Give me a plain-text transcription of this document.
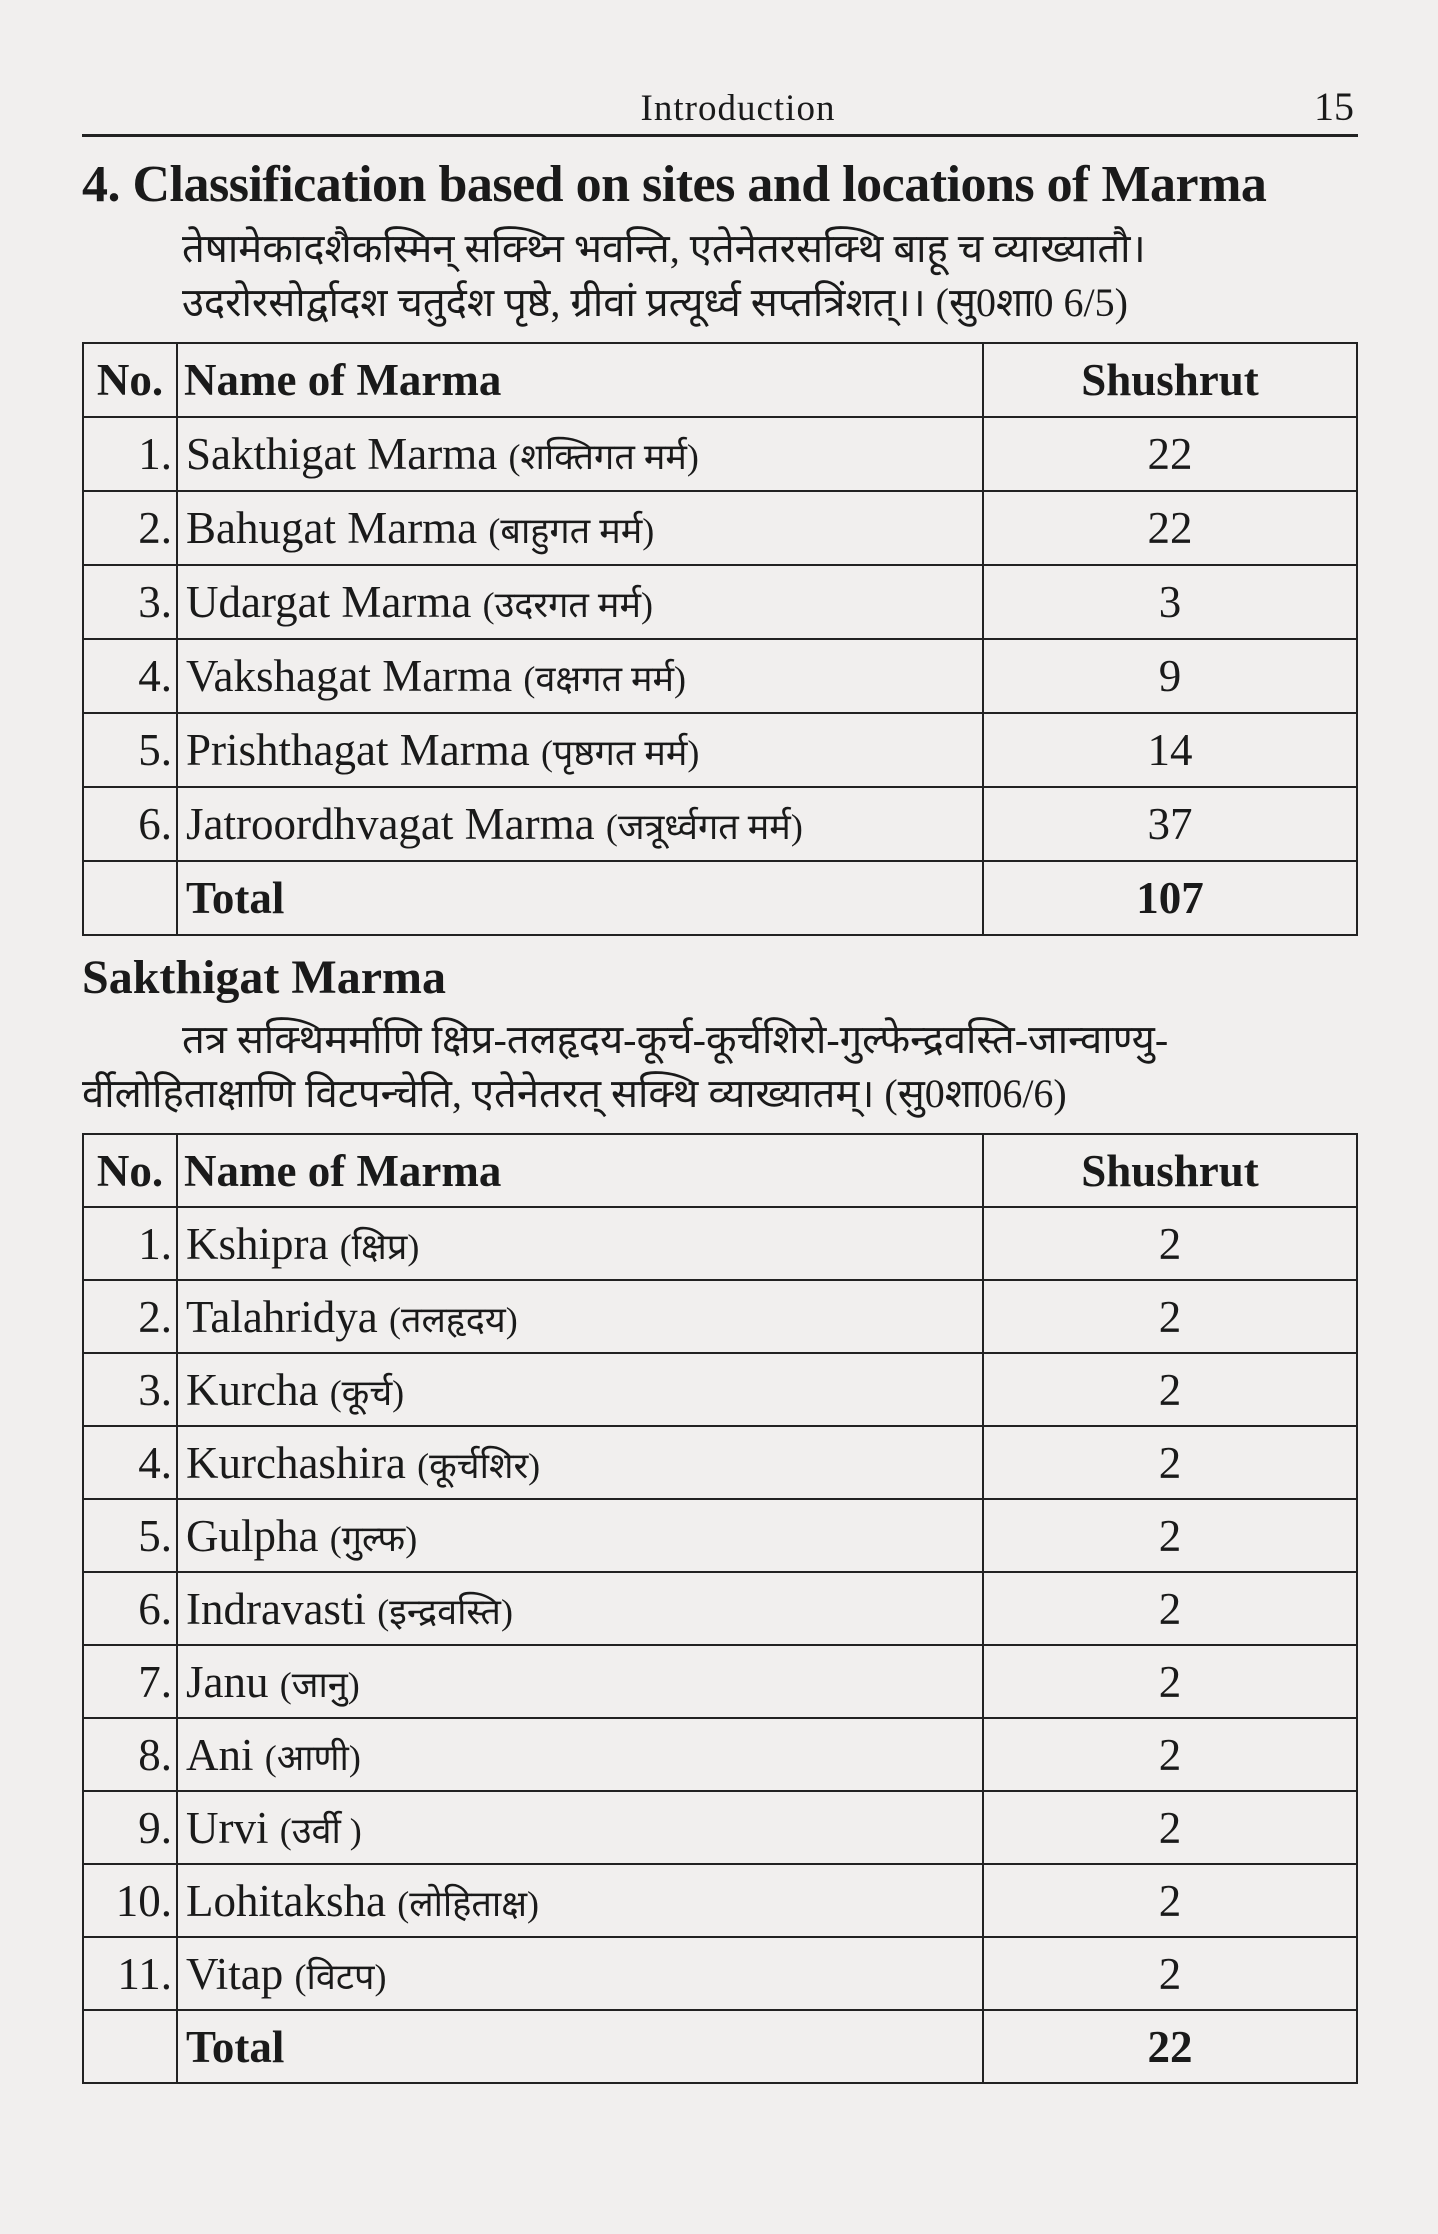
Introduction	15
4. Classification based on sites and locations of Marma
तेषामेकादशैकस्मिन् सक्थ्नि भवन्ति, एतेनेतरसक्थि बाहू च व्याख्यातौ।
उदरोरसोर्द्वादश चतुर्दश पृष्ठे, ग्रीवां प्रत्यूर्ध्व सप्तत्रिंशत्।। (सु0शा0 6/5)
No.	Name of Marma	Shushrut
1.	Sakthigat Marma (शक्तिगत मर्म)	22
2.	Bahugat Marma (बाहुगत मर्म)	22
3.	Udargat Marma (उदरगत मर्म)	3
4.	Vakshagat Marma (वक्षगत मर्म)	9
5.	Prishthagat Marma (पृष्ठगत मर्म)	14
6.	Jatroordhvagat Marma (जत्रूर्ध्वगत मर्म)	37
	Total	107
Sakthigat Marma
तत्र सक्थिमर्माणि क्षिप्र-तलहृदय-कूर्च-कूर्चशिरो-गुल्फेन्द्रवस्ति-जान्वाण्यु-
र्वीलोहिताक्षाणि विटपन्चेति, एतेनेतरत् सक्थि व्याख्यातम्। (सु0शा06/6)
No.	Name of Marma	Shushrut
1.	Kshipra (क्षिप्र)	2
2.	Talahridya (तलहृदय)	2
3.	Kurcha (कूर्च)	2
4.	Kurchashira (कूर्चशिर)	2
5.	Gulpha (गुल्फ)	2
6.	Indravasti (इन्द्रवस्ति)	2
7.	Janu (जानु)	2
8.	Ani (आणी)	2
9.	Urvi (उर्वी )	2
10.	Lohitaksha (लोहिताक्ष)	2
11.	Vitap (विटप)	2
	Total	22
